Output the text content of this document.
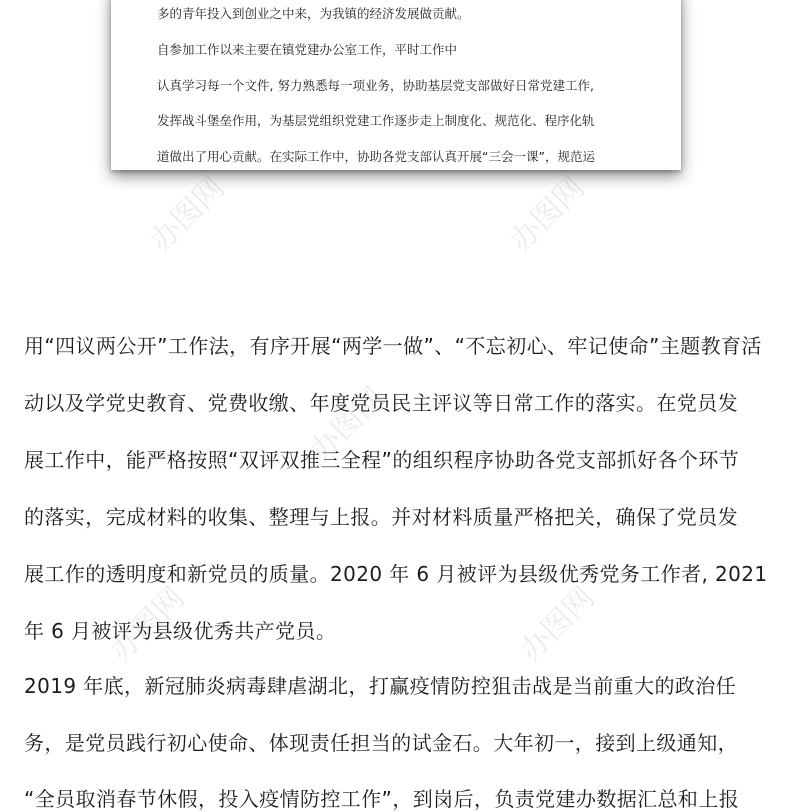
办图网	办图网
办图网
办图网	办图网
多的青年投入到创业之中来，为我镇的经济发展做贡献。
自参加工作以来主要在镇党建办公室工作，平时工作中
认真学习每一个文件, 努力熟悉每一项业务，协助基层党支部做好日常党建工作,
发挥战斗堡垒作用，为基层党组织党建工作逐步走上制度化、规范化、程序化轨
道做出了用心贡献。在实际工作中，协助各党支部认真开展“三会一课”，规范运
用“四议两公开”工作法，有序开展“两学一做”、“不忘初心、牢记使命”主题教育活
动以及学党史教育、党费收缴、年度党员民主评议等日常工作的落实。在党员发
展工作中，能严格按照“双评双推三全程”的组织程序协助各党支部抓好各个环节
的落实，完成材料的收集、整理与上报。并对材料质量严格把关，确保了党员发
展工作的透明度和新党员的质量。2020 年 6 月被评为县级优秀党务工作者, 2021
年 6 月被评为县级优秀共产党员。
2019 年底，新冠肺炎病毒肆虐湖北，打赢疫情防控狙击战是当前重大的政治任
务，是党员践行初心使命、体现责任担当的试金石。大年初一，接到上级通知，
“全员取消春节休假，投入疫情防控工作”，到岗后，负责党建办数据汇总和上报
